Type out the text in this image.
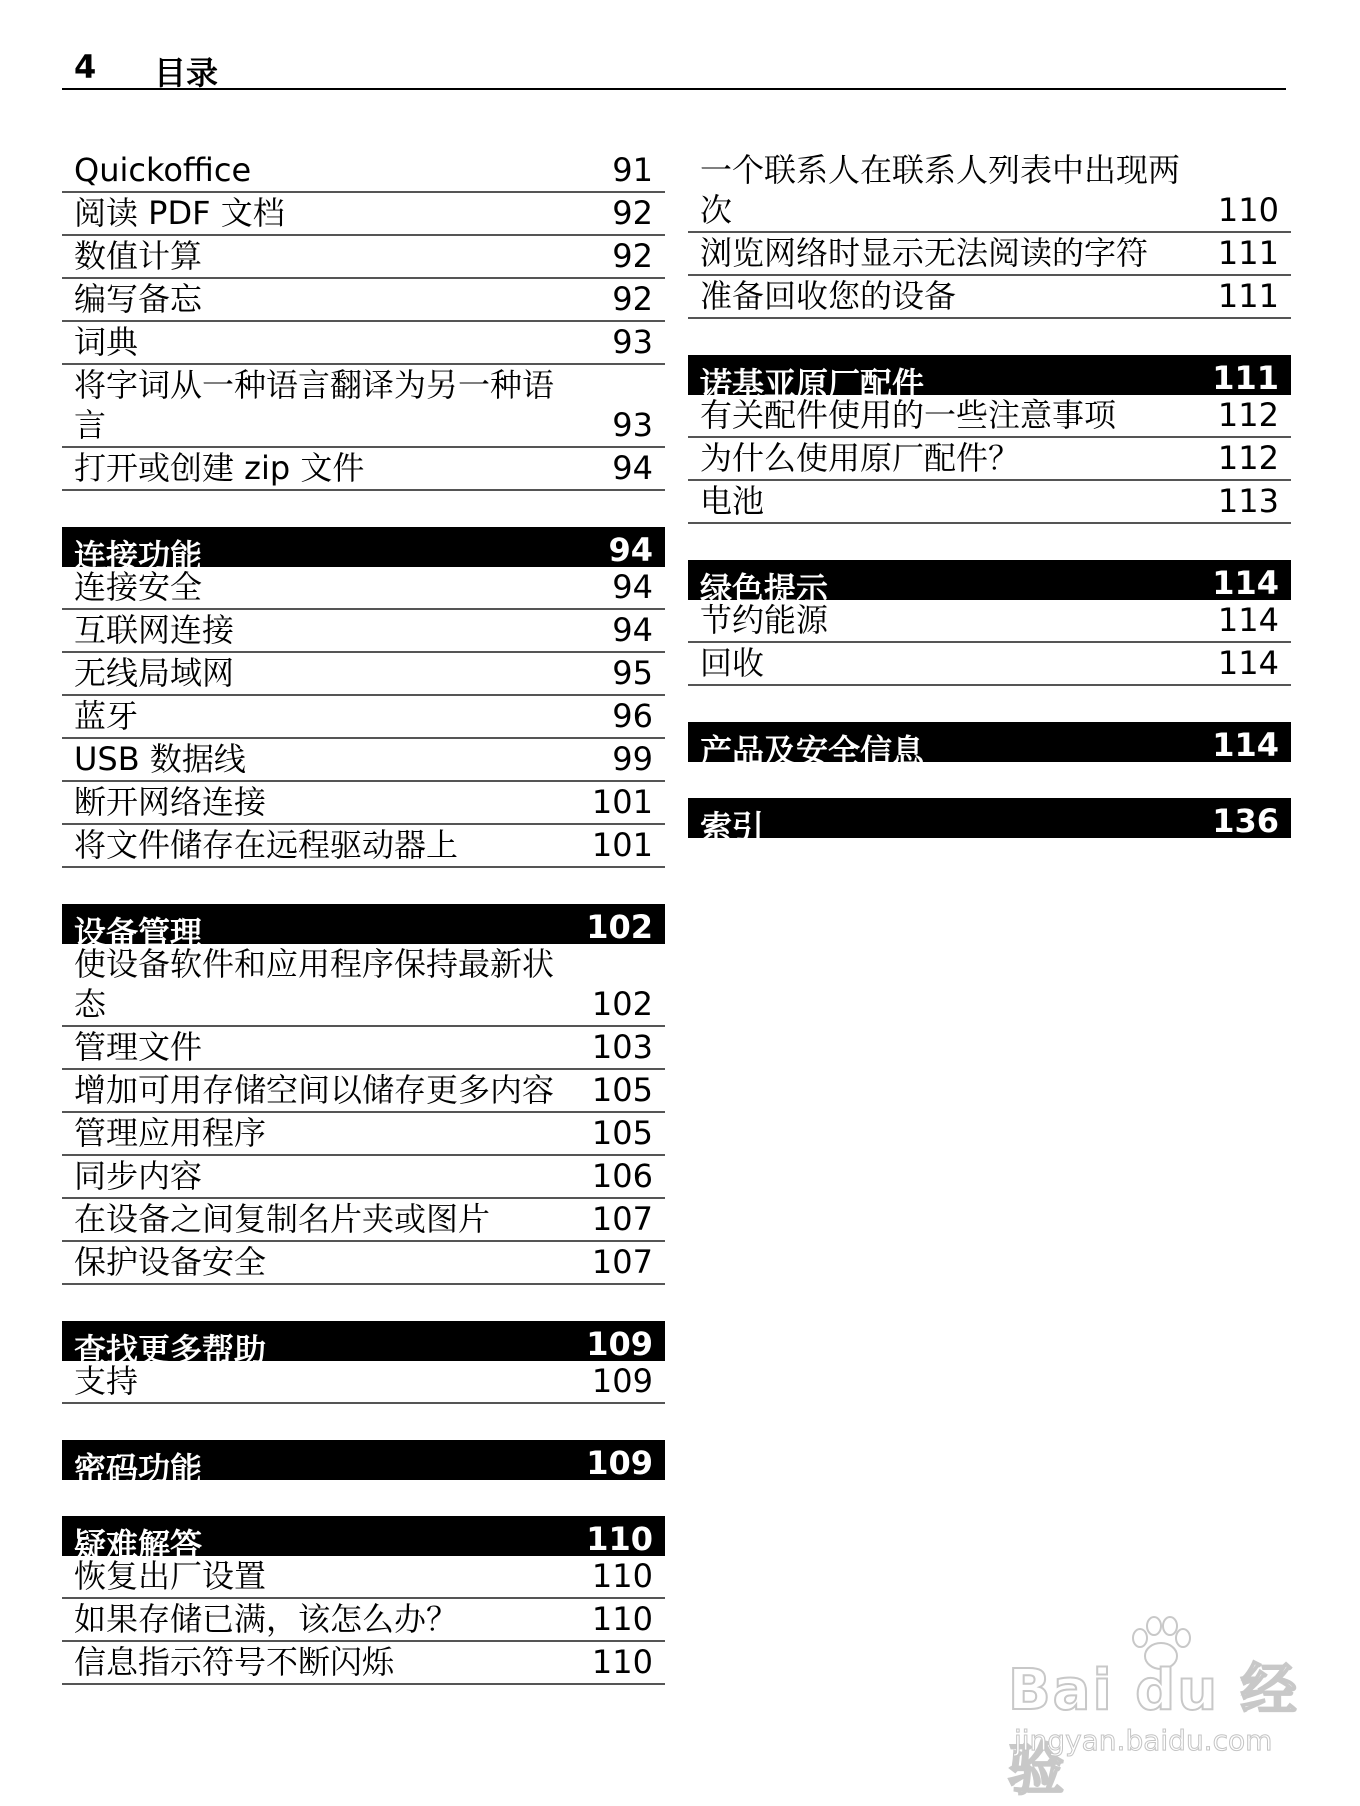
4 目录
Quickoffice	91
阅读 PDF 文档	92
数值计算	92
编写备忘	92
词典	93
将字词从一种语言翻译为另一种语言	93
打开或创建 zip 文件	94
连接功能	94
连接安全	94
互联网连接	94
无线局域网	95
蓝牙	96
USB 数据线	99
断开网络连接	101
将文件储存在远程驱动器上	101
设备管理	102
使设备软件和应用程序保持最新状态	102
管理文件	103
增加可用存储空间以储存更多内容	105
管理应用程序	105
同步内容	106
在设备之间复制名片夹或图片	107
保护设备安全	107
查找更多帮助	109
支持	109
密码功能	109
疑难解答	110
恢复出厂设置	110
如果存储已满，该怎么办？	110
信息指示符号不断闪烁	110
一个联系人在联系人列表中出现两次	110
浏览网络时显示无法阅读的字符	111
准备回收您的设备	111
诺基亚原厂配件	111
有关配件使用的一些注意事项	112
为什么使用原厂配件？	112
电池	113
绿色提示	114
节约能源	114
回收	114
产品及安全信息	114
索引	136
Bai du 经验
jingyan.baidu.com
